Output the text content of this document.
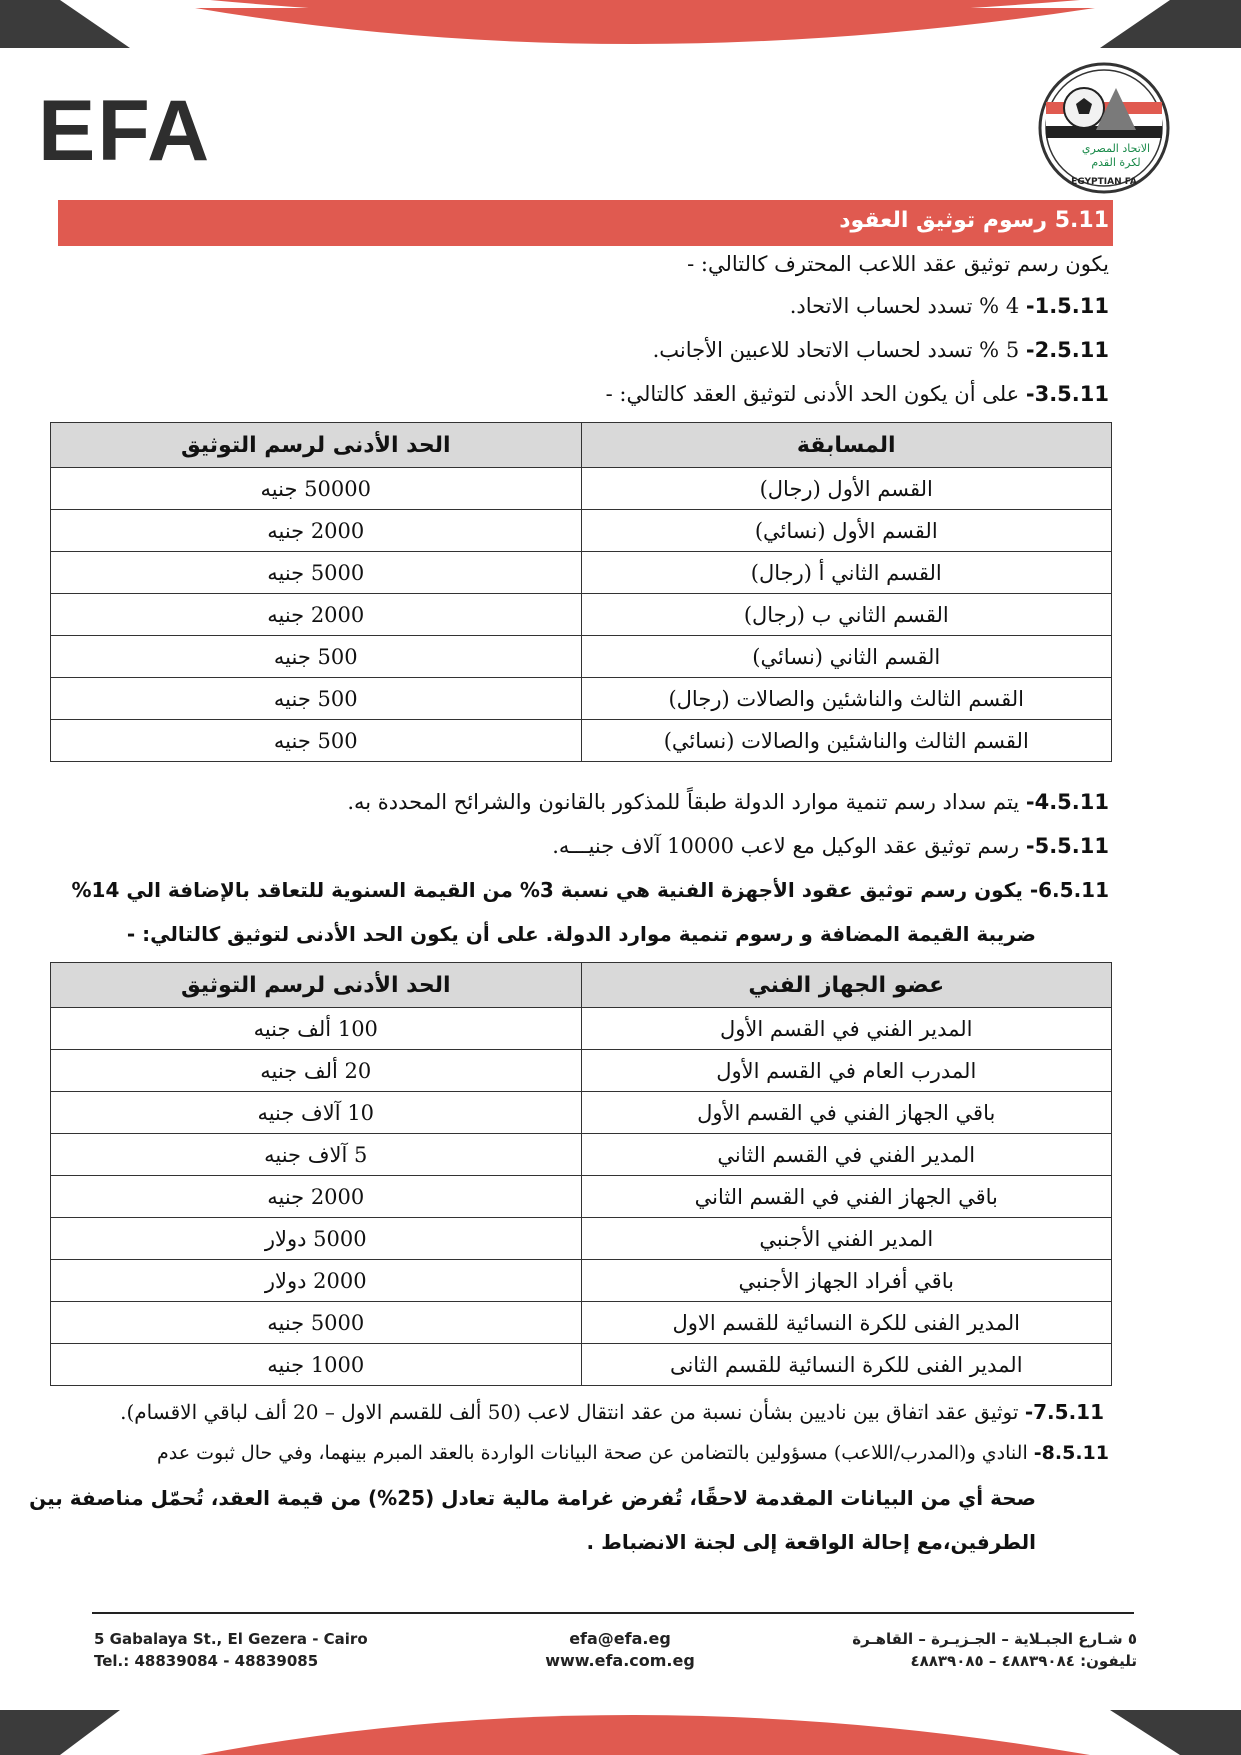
EFA	الاتحاد المصري
لكرة القدم
EGYPTIAN FA
5.11 رسوم توثيق العقود
يكون رسم توثيق عقد اللاعب المحترف كالتالي: -
1.5.11- 4 % تسدد لحساب الاتحاد.
2.5.11- 5 % تسدد لحساب الاتحاد للاعبين الأجانب.
3.5.11- على أن يكون الحد الأدنى لتوثيق العقد كالتالي: -
المسابقة	الحد الأدنى لرسم التوثيق
القسم الأول (رجال)	50000 جنيه
القسم الأول (نسائي)	2000 جنيه
القسم الثاني أ (رجال)	5000 جنيه
القسم الثاني ب (رجال)	2000 جنيه
القسم الثاني (نسائي)	500 جنيه
القسم الثالث والناشئين والصالات (رجال)	500 جنيه
القسم الثالث والناشئين والصالات (نسائي)	500 جنيه
4.5.11- يتم سداد رسم تنمية موارد الدولة طبقاً للمذكور بالقانون والشرائح المحددة به.
5.5.11- رسم توثيق عقد الوكيل مع لاعب 10000 آلاف جنيـــه.
6.5.11- يكون رسم توثيق عقود الأجهزة الفنية هي نسبة 3% من القيمة السنوية للتعاقد بالإضافة الي 14%
ضريبة القيمة المضافة و رسوم تنمية موارد الدولة. على أن يكون الحد الأدنى لتوثيق كالتالي: -
عضو الجهاز الفني	الحد الأدنى لرسم التوثيق
المدير الفني في القسم الأول	100 ألف جنيه
المدرب العام في القسم الأول	20 ألف جنيه
باقي الجهاز الفني في القسم الأول	10 آلاف جنيه
المدير الفني في القسم الثاني	5 آلاف جنيه
باقي الجهاز الفني في القسم الثاني	2000 جنيه
المدير الفني الأجنبي	5000 دولار
باقي أفراد الجهاز الأجنبي	2000 دولار
المدير الفنى للكرة النسائية للقسم الاول	5000 جنيه
المدير الفنى للكرة النسائية للقسم الثانى	1000 جنيه
7.5.11- توثيق عقد اتفاق بين ناديين بشأن نسبة من عقد انتقال لاعب (50 ألف للقسم الاول – 20 ألف لباقي الاقسام).
8.5.11- النادي و(المدرب/اللاعب) مسؤولين بالتضامن عن صحة البيانات الواردة بالعقد المبرم بينهما، وفي حال ثبوت عدم
صحة أي من البيانات المقدمة لاحقًا، تُفرض غرامة مالية تعادل (25%) من قيمة العقد، تُحمّل مناصفة بين
الطرفين،مع إحالة الواقعة إلى لجنة الانضباط .
5 Gabalaya St., El Gezera - Cairo
Tel.: 48839084 - 48839085
efa@efa.eg
www.efa.com.eg
٥ شـارع الجبـلاية – الجـزيـرة – القاهـرة
تليفون: ٤٨٨٣٩٠٨٤ – ٤٨٨٣٩٠٨٥
